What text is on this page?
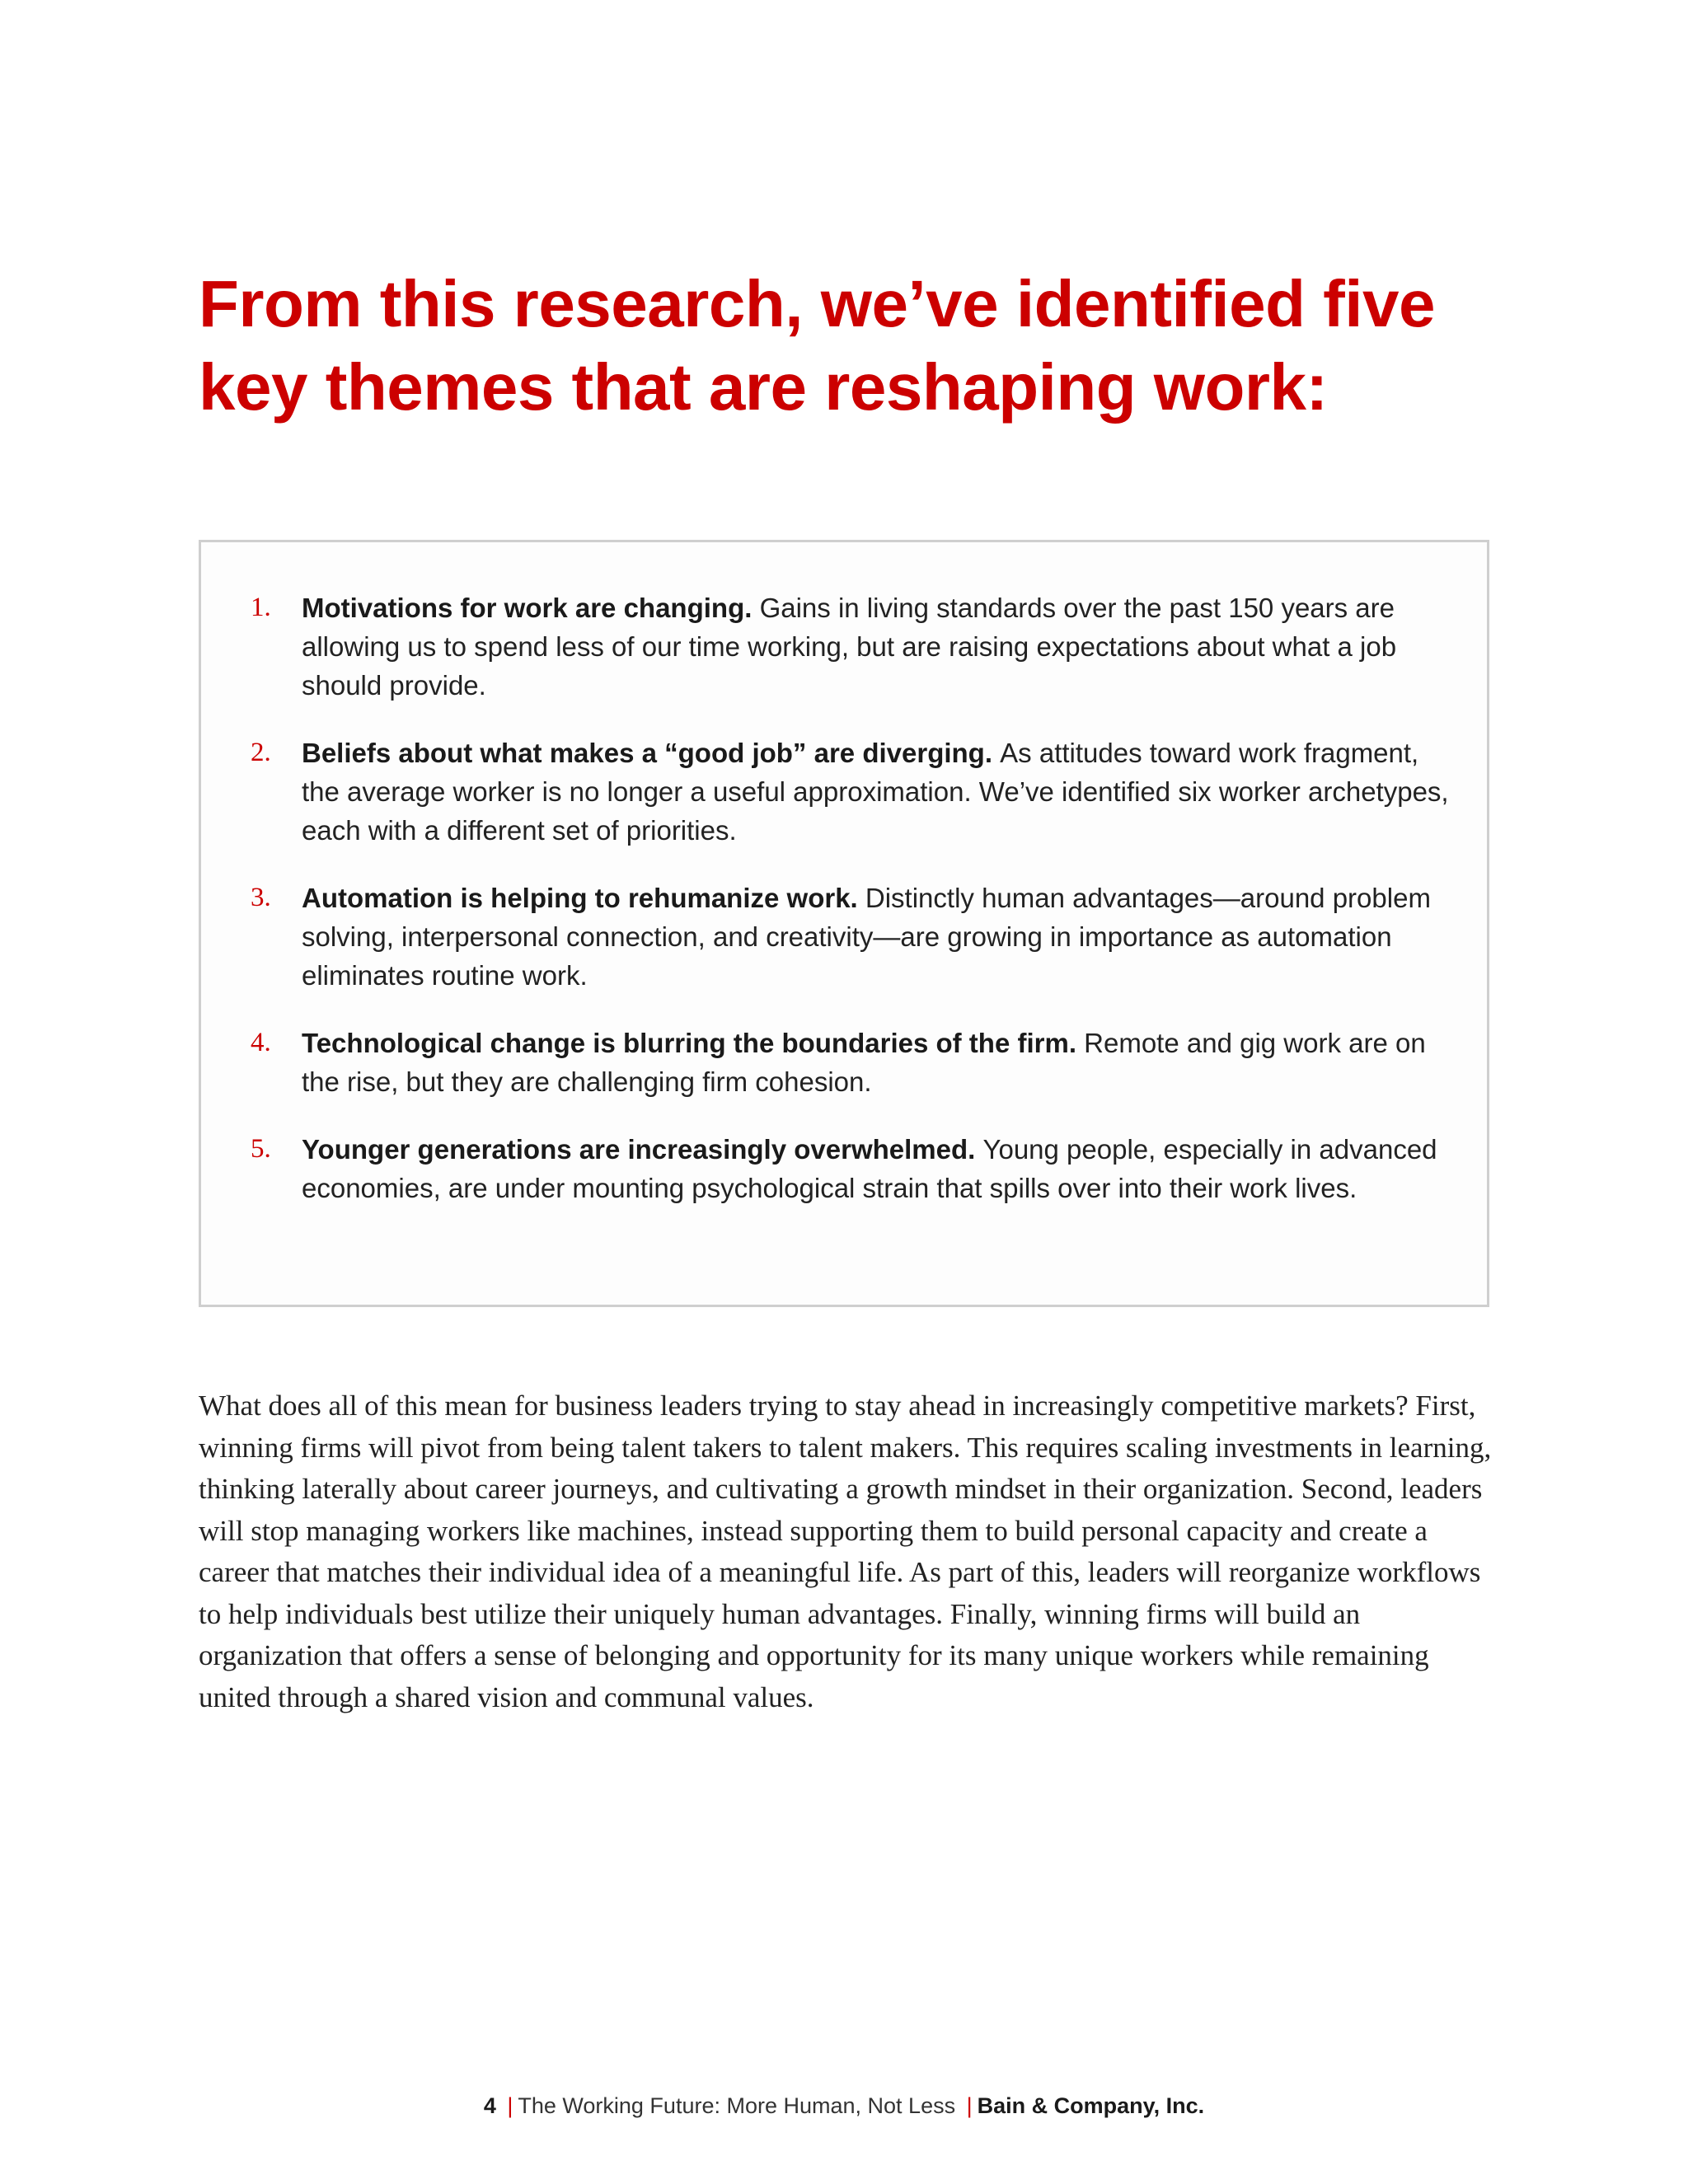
From this research, we’ve identified five
key themes that are reshaping work:
1. Motivations for work are changing. Gains in living standards over the past 150 years are allowing us to spend less of our time working, but are raising expectations about what a job should provide.
2. Beliefs about what makes a “good job” are diverging. As attitudes toward work fragment, the average worker is no longer a useful approximation. We’ve identified six worker archetypes, each with a different set of priorities.
3. Automation is helping to rehumanize work. Distinctly human advantages—around problem solving, interpersonal connection, and creativity—are growing in importance as automation eliminates routine work.
4. Technological change is blurring the boundaries of the firm. Remote and gig work are on the rise, but they are challenging firm cohesion.
5. Younger generations are increasingly overwhelmed. Young people, especially in advanced economies, are under mounting psychological strain that spills over into their work lives.

What does all of this mean for business leaders trying to stay ahead in increasingly competitive markets? First, winning firms will pivot from being talent takers to talent makers. This requires scaling investments in learning, thinking laterally about career journeys, and cultivating a growth mindset in their organization. Second, leaders will stop managing workers like machines, instead supporting them to build personal capacity and create a career that matches their individual idea of a meaningful life. As part of this, leaders will reorganize workflows to help individuals best utilize their uniquely human advantages. Finally, winning firms will build an organization that offers a sense of belonging and opportunity for its many unique workers while remaining united through a shared vision and communal values.

4 | The Working Future: More Human, Not Less | Bain & Company, Inc.
